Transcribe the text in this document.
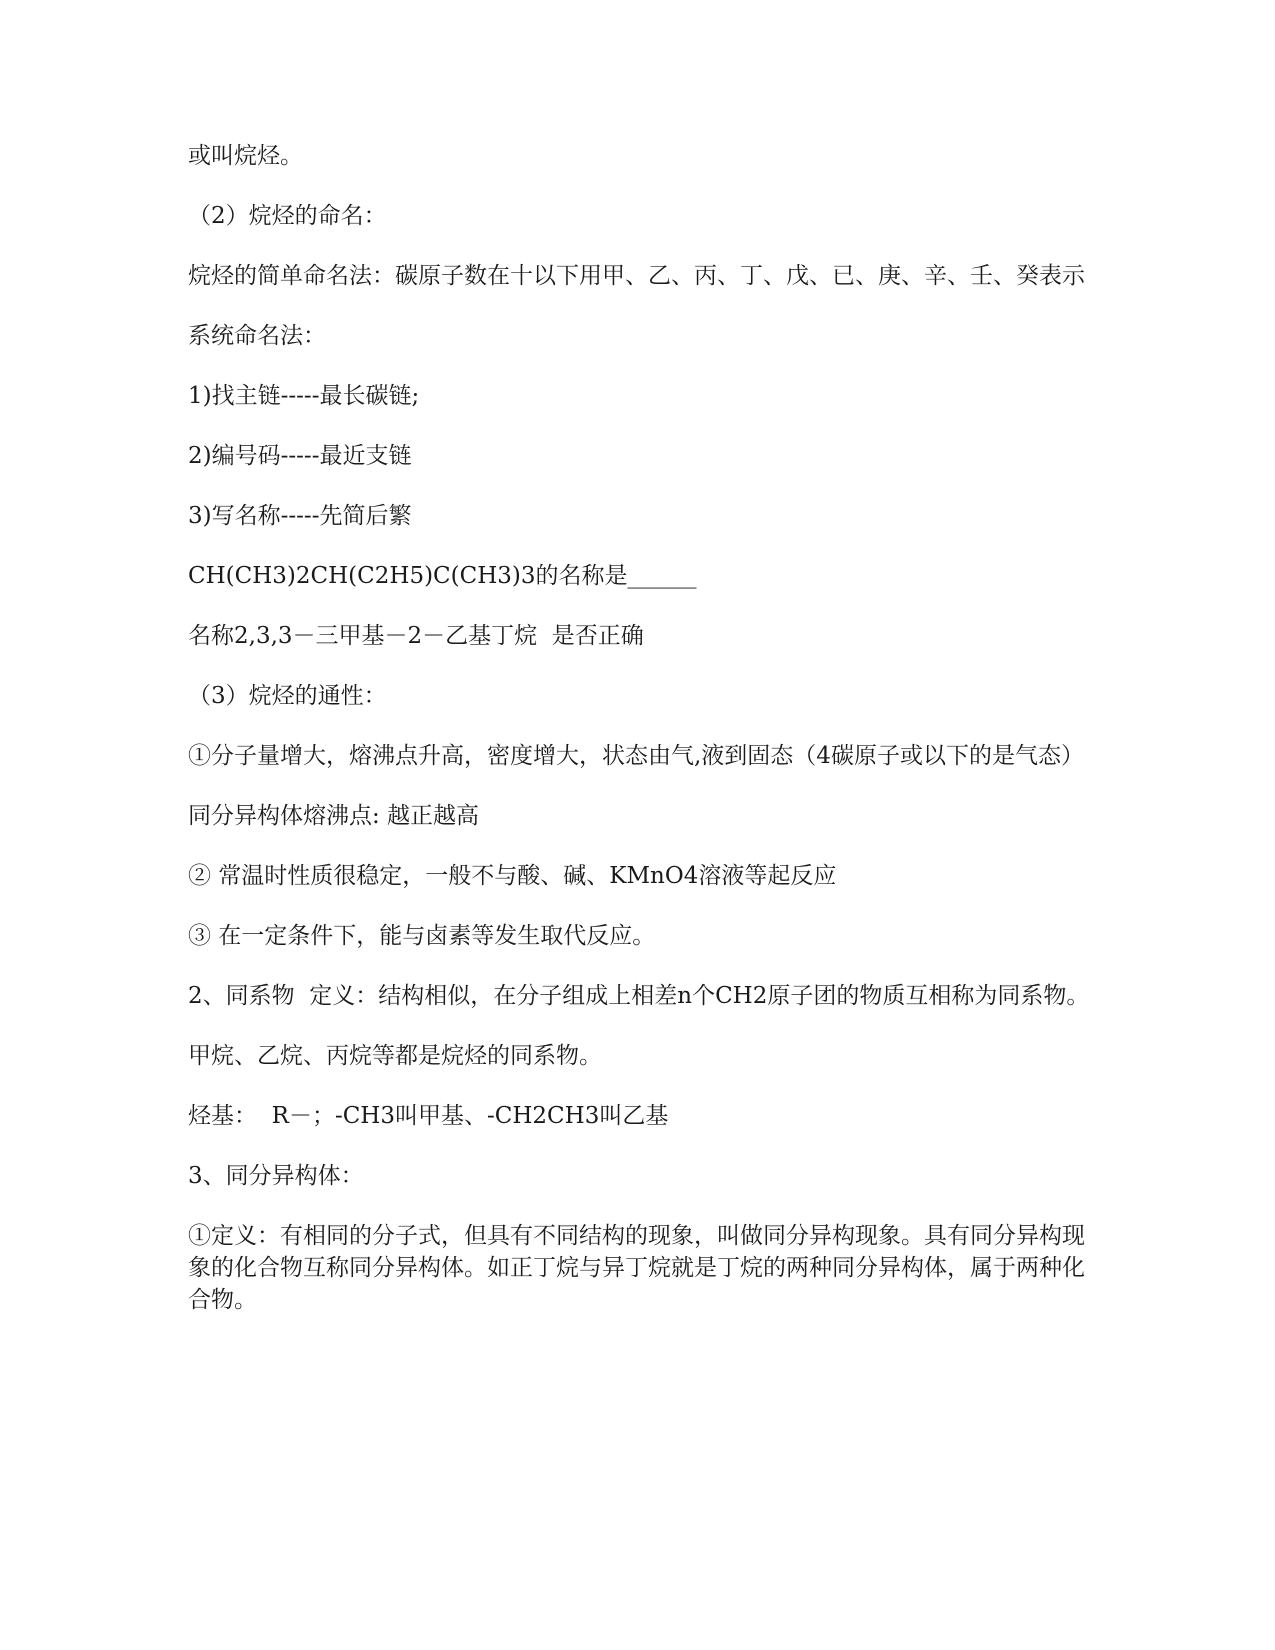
或叫烷烃。

（2）烷烃的命名：

烷烃的简单命名法：碳原子数在十以下用甲、乙、丙、丁、戊、已、庚、辛、壬、癸表示

系统命名法：

1)找主链-----最长碳链;

2)编号码-----最近支链

3)写名称-----先简后繁

CH(CH3)2CH(C2H5)C(CH3)3的名称是______

名称2,3,3－三甲基－2－乙基丁烷  是否正确

（3）烷烃的通性：

①分子量增大，熔沸点升高，密度增大，状态由气,液到固态（4碳原子或以下的是气态）

同分异构体熔沸点: 越正越高

② 常温时性质很稳定，一般不与酸、碱、KMnO4溶液等起反应

③ 在一定条件下，能与卤素等发生取代反应。

2、同系物  定义：结构相似，在分子组成上相差n个CH2原子团的物质互相称为同系物。

甲烷、乙烷、丙烷等都是烷烃的同系物。

烃基：  R－；-CH3叫甲基、-CH2CH3叫乙基

3、同分异构体：

①定义：有相同的分子式，但具有不同结构的现象，叫做同分异构现象。具有同分异构现象的化合物互称同分异构体。如正丁烷与异丁烷就是丁烷的两种同分异构体，属于两种化合物。
